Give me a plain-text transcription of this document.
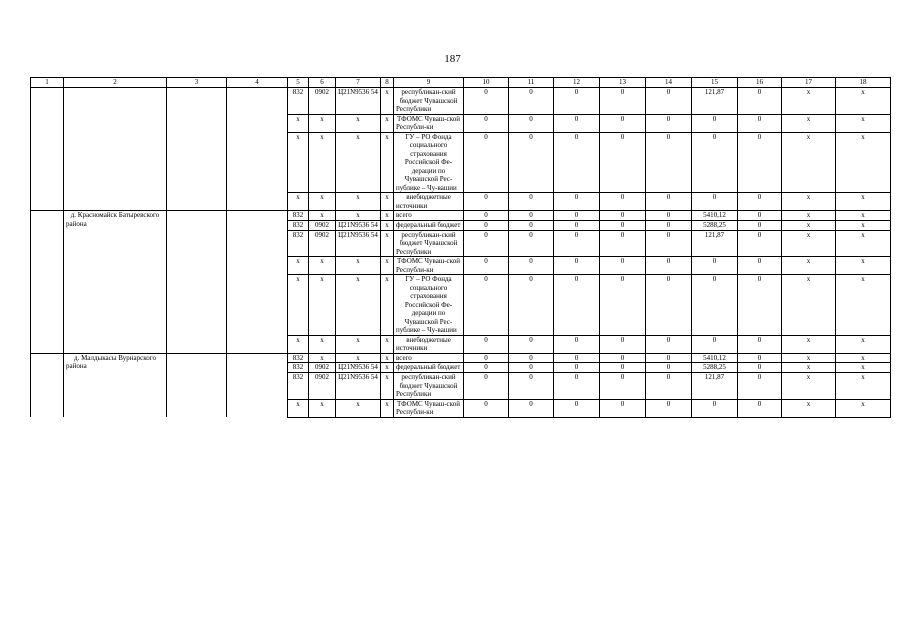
187
1	2	3	4	5	6	7	8	9	10	11	12	13	14	15	16	17	18
				832	0902	Ц21N9536 54	х	республикан-ский бюджет Чувашской Республики	0	0	0	0	0	121,87	0	х	х
				х	х	х	х	ТФОМС Чуваш-ской Республи-ки	0	0	0	0	0	0	0	х	х
				х	х	х	х	ГУ – РО Фонда социального страхования Российской Фе-дерации по Чувашской Рес-публике – Чу-вашии	0	0	0	0	0	0	0	х	х
				х	х	х	х	внебюджетные источники	0	0	0	0	0	0	0	х	х
	д. Красномайск Батыревского района			832	х	х	х	всего	0	0	0	0	0	5410,12	0	х	х
				832	0902	Ц21N9536 54	х	федеральный бюджет	0	0	0	0	0	5288,25	0	х	х
				832	0902	Ц21N9536 54	х	республикан-ский бюджет Чувашской Республики	0	0	0	0	0	121,87	0	х	х
				х	х	х	х	ТФОМС Чуваш-ской Республи-ки	0	0	0	0	0	0	0	х	х
				х	х	х	х	ГУ – РО Фонда социального страхования Российской Фе-дерации по Чувашской Рес-публике – Чу-вашии	0	0	0	0	0	0	0	х	х
				х	х	х	х	внебюджетные источники	0	0	0	0	0	0	0	х	х
	д. Малдыкасы Вурнарского района			832	х	х	х	всего	0	0	0	0	0	5410,12	0	х	х
				832	0902	Ц21N9536 54	х	федеральный бюджет	0	0	0	0	0	5288,25	0	х	х
				832	0902	Ц21N9536 54	х	республикан-ский бюджет Чувашской Республики	0	0	0	0	0	121,87	0	х	х
				х	х	х	х	ТФОМС Чуваш-ской Республи-ки	0	0	0	0	0	0	0	х	х
